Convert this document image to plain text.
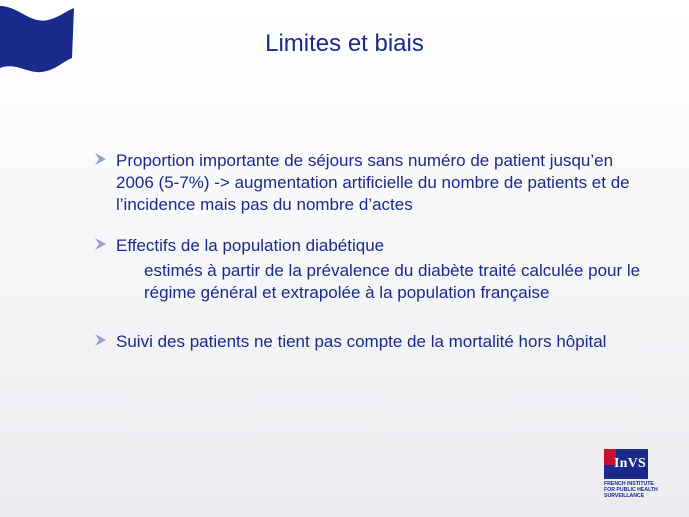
Limites et biais
Proportion importante de séjours sans numéro de patient jusqu’en 2006 (5-7%) -> augmentation artificielle du nombre de patients et de l’incidence mais pas du nombre d’actes
Effectifs de la population diabétique
estimés à partir de la prévalence du diabète traité calculée pour le régime général et extrapolée à la population française
Suivi des patients ne tient pas compte de la mortalité hors hôpital
InVS
FRENCH INSTITUTE
FOR PUBLIC HEALTH
SURVEILLANCE
